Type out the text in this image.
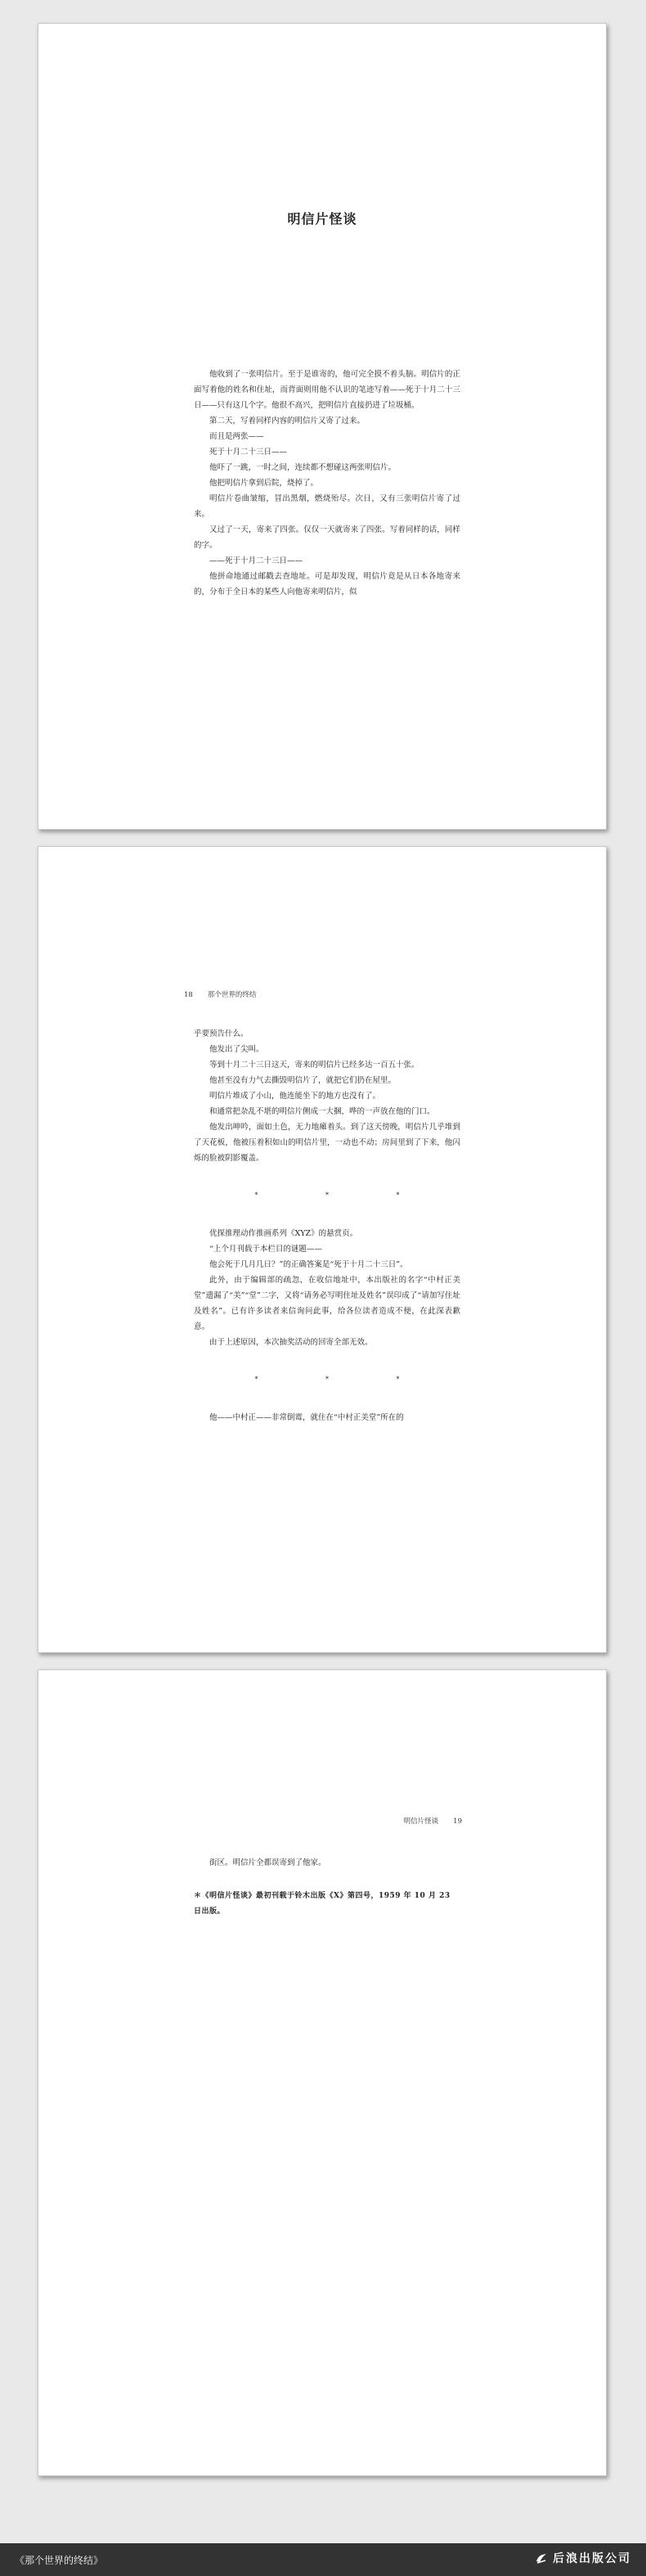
明信片怪谈

他收到了一张明信片。至于是谁寄的，他可完全摸不着头脑。明信片的正面写着他的姓名和住址，而背面则用他不认识的笔迹写着——死于十月二十三日——只有这几个字。他很不高兴，把明信片直接扔进了垃圾桶。

第二天，写着同样内容的明信片又寄了过来。

而且是两张——

死于十月二十三日——

他吓了一跳，一时之间，连续都不想碰这两张明信片。

他把明信片拿到后院，烧掉了。

明信片卷曲皱缩，冒出黑烟，燃烧殆尽。次日，又有三张明信片寄了过来。

又过了一天，寄来了四张。仅仅一天就寄来了四张。写着同样的话，同样的字。

——死于十月二十三日——

他拼命地通过邮戳去查地址。可是却发现，明信片竟是从日本各地寄来的，分布于全日本的某些人向他寄来明信片，似

18 那个世界的终结

乎要预告什么。

他发出了尖叫。

等到十月二十三日这天，寄来的明信片已经多达一百五十张。

他甚至没有力气去撕毁明信片了，就把它们扔在屋里。

明信片堆成了小山，他连能坐下的地方也没有了。

和通常把杂乱不堪的明信片侧成一大捆，哗的一声放在他的门口。

他发出呻吟，面如土色，无力地瘫着头。到了这天傍晚，明信片几乎堆到了天花板，他被压着积如山的明信片里，一动也不动；房间里到了下来，他闪烁的脸被阴影覆盖。

* * *

优探推理动作推画系列《XYZ》的悬赏页。

“上个月刊载于本栏目的谜题——

他会死于几月几日？”的正确答案是“死于十月二十三日”。

此外，由于编辑部的疏忽，在收信地址中，本出版社的名字“中村正美堂”遗漏了“美”“堂”二字，又将“请务必写明住址及姓名”误印成了“请加写住址及姓名”。已有许多读者来信询问此事，给各位读者造成不便，在此深表歉意。

由于上述原因，本次抽奖活动的回寄全部无效。

* * *

他——中村正——非常倒霉，就住在“中村正美堂”所在的

明信片怪谈 19

街区。明信片全都误寄到了他家。

＊《明信片怪谈》最初刊载于铃木出版《X》第四号，1959 年 10 月 23 日出版。
《那个世界的终结》	后浪出版公司
